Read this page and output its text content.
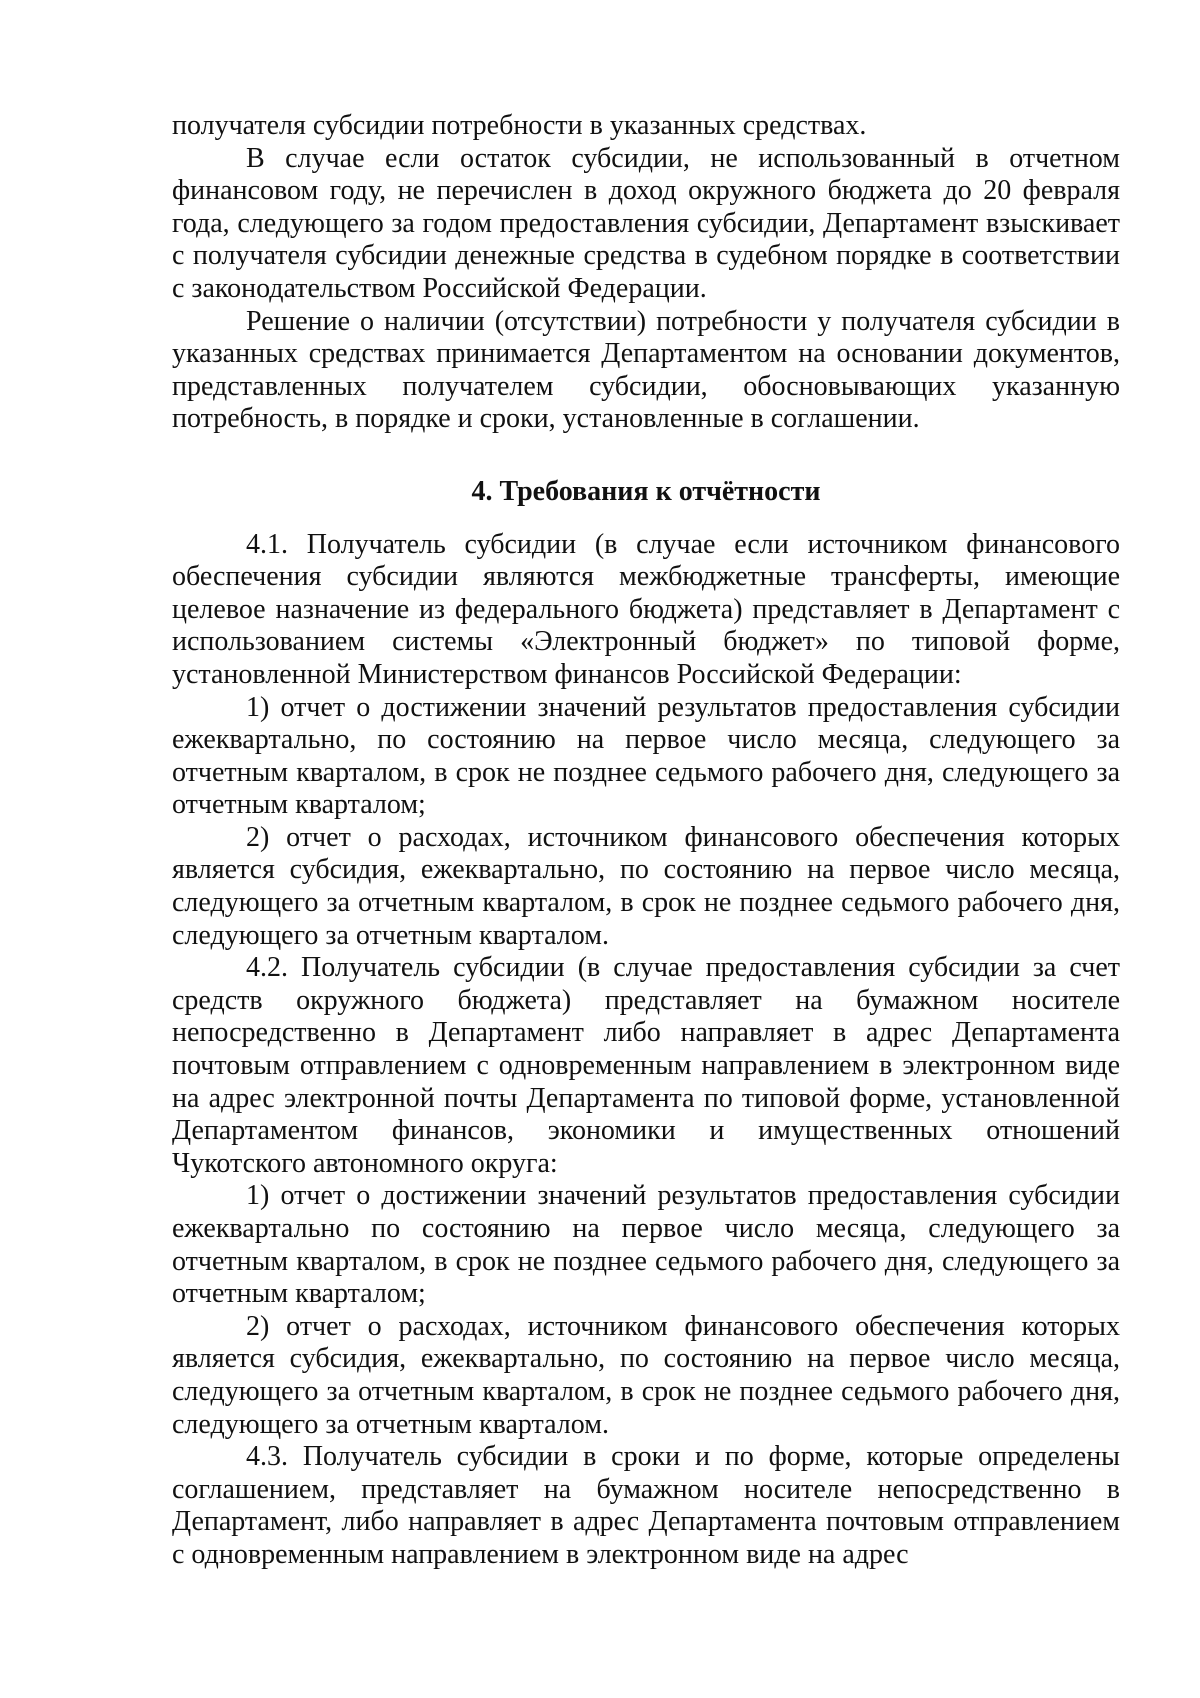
получателя субсидии потребности в указанных средствах.

В случае если остаток субсидии, не использованный в отчетном финансовом году, не перечислен в доход окружного бюджета до 20 февраля года, следующего за годом предоставления субсидии, Департамент взыскивает с получателя субсидии денежные средства в судебном порядке в соответствии с законодательством Российской Федерации.

Решение о наличии (отсутствии) потребности у получателя субсидии в указанных средствах принимается Департаментом на основании документов, представленных получателем субсидии, обосновывающих указанную потребность, в порядке и сроки, установленные в соглашении.

4. Требования к отчётности

4.1. Получатель субсидии (в случае если источником финансового обеспечения субсидии являются межбюджетные трансферты, имеющие целевое назначение из федерального бюджета) представляет в Департамент с использованием системы «Электронный бюджет» по типовой форме, установленной Министерством финансов Российской Федерации:

1) отчет о достижении значений результатов предоставления субсидии ежеквартально, по состоянию на первое число месяца, следующего за отчетным кварталом, в срок не позднее седьмого рабочего дня, следующего за отчетным кварталом;

2) отчет о расходах, источником финансового обеспечения которых является субсидия, ежеквартально, по состоянию на первое число месяца, следующего за отчетным кварталом, в срок не позднее седьмого рабочего дня, следующего за отчетным кварталом.

4.2. Получатель субсидии (в случае предоставления субсидии за счет средств окружного бюджета) представляет на бумажном носителе непосредственно в Департамент либо направляет в адрес Департамента почтовым отправлением с одновременным направлением в электронном виде на адрес электронной почты Департамента по типовой форме, установленной Департаментом финансов, экономики и имущественных отношений Чукотского автономного округа:

1) отчет о достижении значений результатов предоставления субсидии ежеквартально по состоянию на первое число месяца, следующего за отчетным кварталом, в срок не позднее седьмого рабочего дня, следующего за отчетным кварталом;

2) отчет о расходах, источником финансового обеспечения которых является субсидия, ежеквартально, по состоянию на первое число месяца, следующего за отчетным кварталом, в срок не позднее седьмого рабочего дня, следующего за отчетным кварталом.

4.3. Получатель субсидии в сроки и по форме, которые определены соглашением, представляет на бумажном носителе непосредственно в Департамент, либо направляет в адрес Департамента почтовым отправлением с одновременным направлением в электронном виде на адрес
